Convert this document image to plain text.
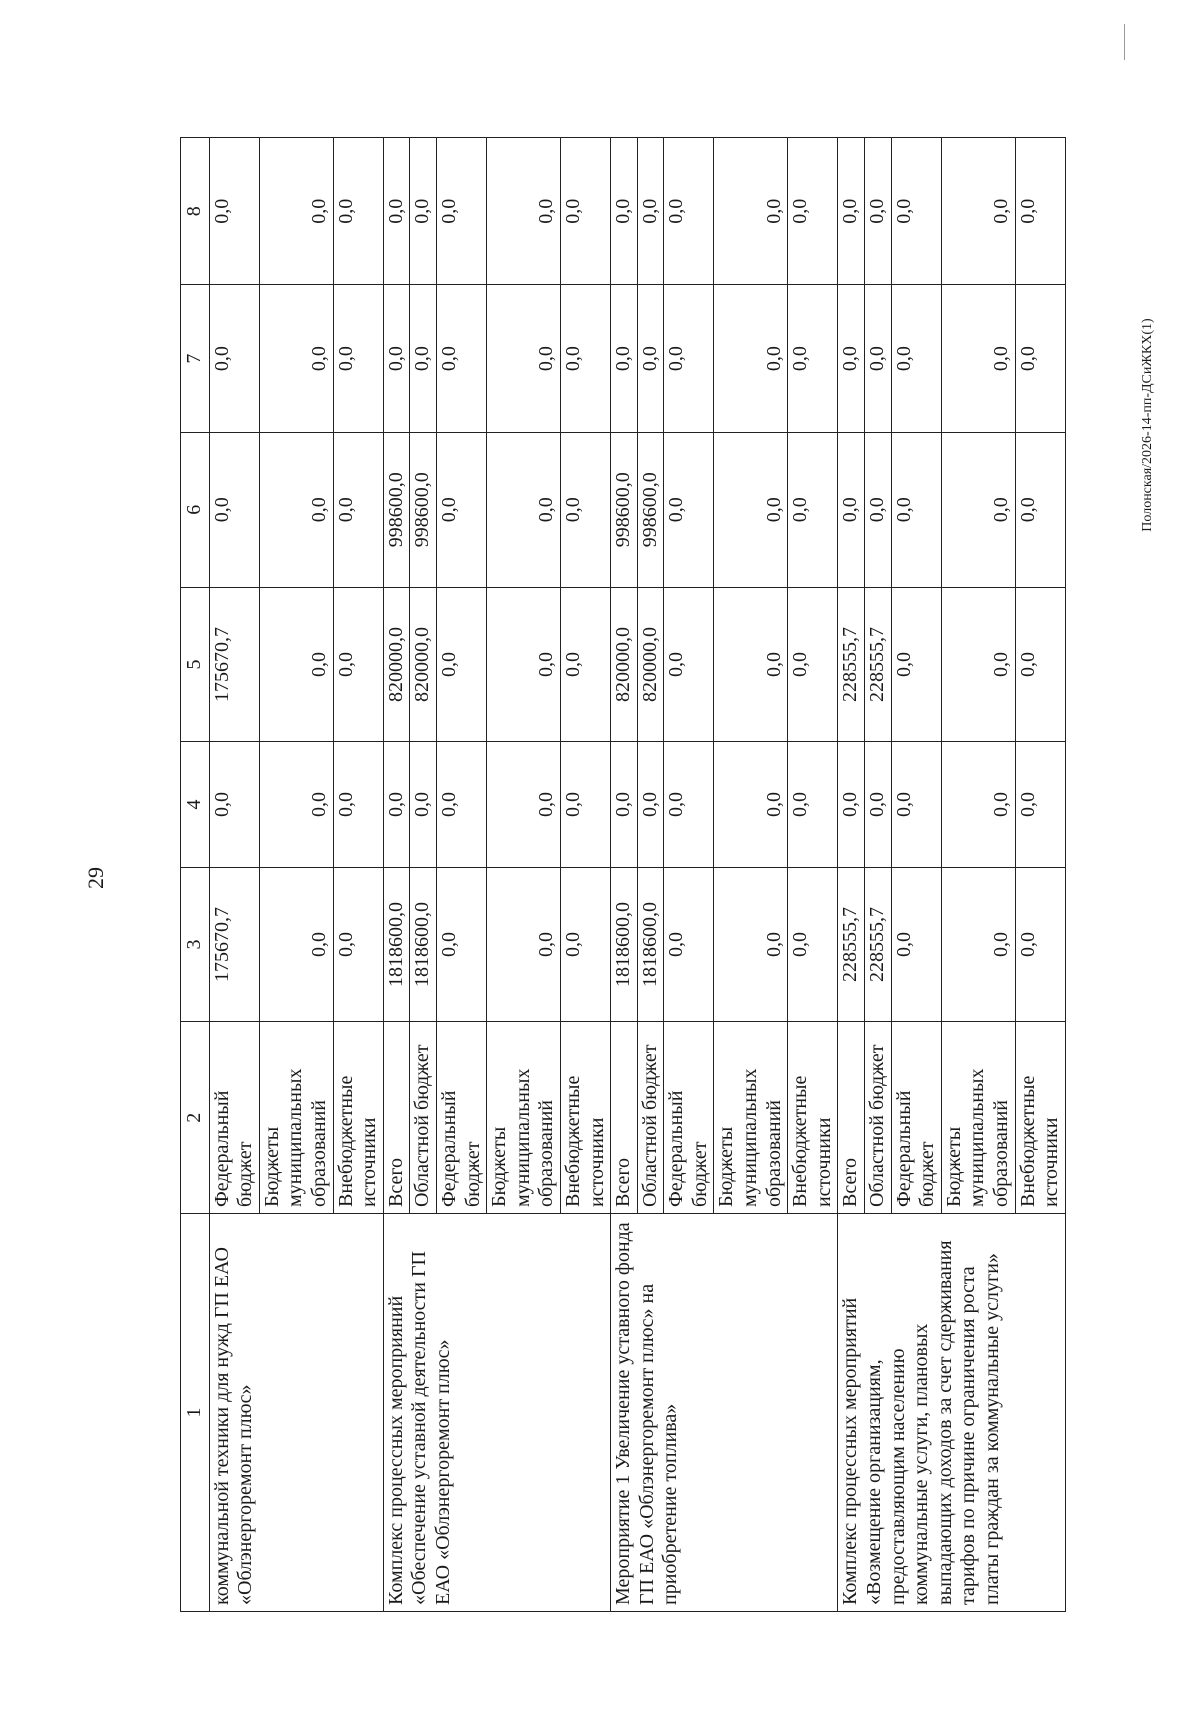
29
Полонская/2026-14-пп-ДСиЖКХ(1)
1	2	3	4	5	6	7	8
коммунальной техники для нужд ГП ЕАО «Облэнергоремонт плюс»	Федеральный бюджет	175670,7	0,0	175670,7	0,0	0,0	0,0
	Бюджеты муниципальных образований	0,0	0,0	0,0	0,0	0,0	0,0
	Внебюджетные источники	0,0	0,0	0,0	0,0	0,0	0,0
Комплекс процессных мероприяний «Обеспечение уставной деятельности ГП ЕАО «Облэнергоремонт плюс»	Всего	1818600,0	0,0	820000,0	998600,0	0,0	0,0
	Областной бюджет	1818600,0	0,0	820000,0	998600,0	0,0	0,0
	Федеральный бюджет	0,0	0,0	0,0	0,0	0,0	0,0
	Бюджеты муниципальных образований	0,0	0,0	0,0	0,0	0,0	0,0
	Внебюджетные источники	0,0	0,0	0,0	0,0	0,0	0,0
Мероприятие 1 Увеличение уставного фонда ГП ЕАО «Облэнергоремонт плюс» на приобретение топлива»	Всего	1818600,0	0,0	820000,0	998600,0	0,0	0,0
	Областной бюджет	1818600,0	0,0	820000,0	998600,0	0,0	0,0
	Федеральный бюджет	0,0	0,0	0,0	0,0	0,0	0,0
	Бюджеты муниципальных образований	0,0	0,0	0,0	0,0	0,0	0,0
	Внебюджетные источники	0,0	0,0	0,0	0,0	0,0	0,0
Комплекс процессных мероприятий «Возмещение организациям, предоставляющим населению коммунальные услуги, плановых выпадающих доходов за счет сдерживания тарифов по причине ограничения роста платы граждан за коммунальные услуги»	Всего	228555,7	0,0	228555,7	0,0	0,0	0,0
	Областной бюджет	228555,7	0,0	228555,7	0,0	0,0	0,0
	Федеральный бюджет	0,0	0,0	0,0	0,0	0,0	0,0
	Бюджеты муниципальных образований	0,0	0,0	0,0	0,0	0,0	0,0
	Внебюджетные источники	0,0	0,0	0,0	0,0	0,0	0,0
